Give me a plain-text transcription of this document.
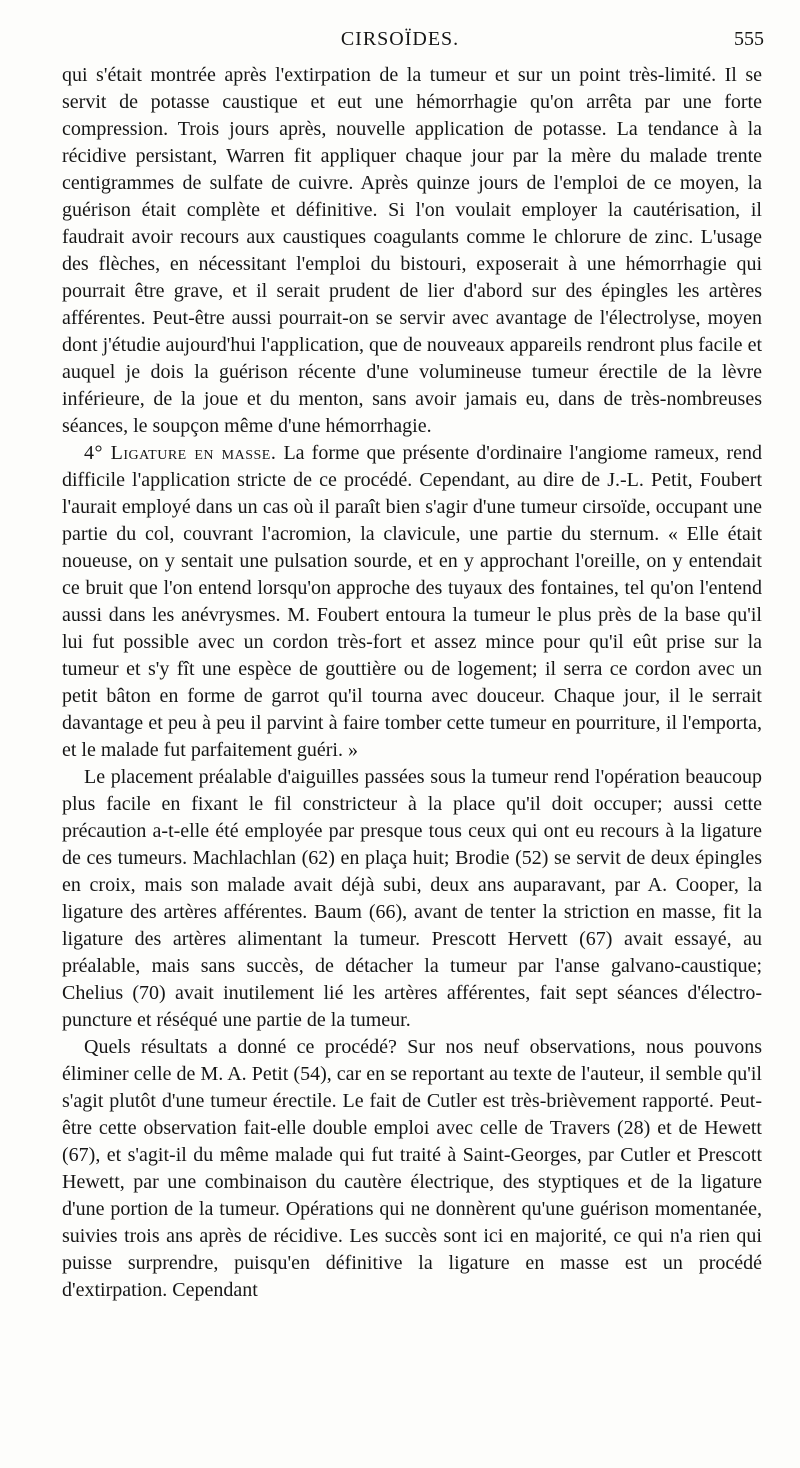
CIRSOÏDES.	555

qui s'était montrée après l'extirpation de la tumeur et sur un point très-limité. Il se servit de potasse caustique et eut une hémorrhagie qu'on arrêta par une forte compression. Trois jours après, nouvelle application de potasse. La tendance à la récidive persistant, Warren fit appliquer chaque jour par la mère du malade trente centigrammes de sulfate de cuivre. Après quinze jours de l'emploi de ce moyen, la guérison était complète et définitive. Si l'on voulait employer la cautérisation, il faudrait avoir recours aux caustiques coagulants comme le chlorure de zinc. L'usage des flèches, en nécessitant l'emploi du bistouri, exposerait à une hémorrhagie qui pourrait être grave, et il serait prudent de lier d'abord sur des épingles les artères afférentes. Peut-être aussi pourrait-on se servir avec avantage de l'électrolyse, moyen dont j'étudie aujourd'hui l'application, que de nouveaux appareils rendront plus facile et auquel je dois la guérison récente d'une volumineuse tumeur érectile de la lèvre inférieure, de la joue et du menton, sans avoir jamais eu, dans de très-nombreuses séances, le soupçon même d'une hémorrhagie.

4° Ligature en masse. La forme que présente d'ordinaire l'angiome rameux, rend difficile l'application stricte de ce procédé. Cependant, au dire de J.-L. Petit, Foubert l'aurait employé dans un cas où il paraît bien s'agir d'une tumeur cirsoïde, occupant une partie du col, couvrant l'acromion, la clavicule, une partie du sternum. « Elle était noueuse, on y sentait une pulsation sourde, et en y approchant l'oreille, on y entendait ce bruit que l'on entend lorsqu'on approche des tuyaux des fontaines, tel qu'on l'entend aussi dans les anévrysmes. M. Foubert entoura la tumeur le plus près de la base qu'il lui fut possible avec un cordon très-fort et assez mince pour qu'il eût prise sur la tumeur et s'y fît une espèce de gouttière ou de logement; il serra ce cordon avec un petit bâton en forme de garrot qu'il tourna avec douceur. Chaque jour, il le serrait davantage et peu à peu il parvint à faire tomber cette tumeur en pourriture, il l'emporta, et le malade fut parfaitement guéri. »

Le placement préalable d'aiguilles passées sous la tumeur rend l'opération beaucoup plus facile en fixant le fil constricteur à la place qu'il doit occuper; aussi cette précaution a-t-elle été employée par presque tous ceux qui ont eu recours à la ligature de ces tumeurs. Machlachlan (62) en plaça huit; Brodie (52) se servit de deux épingles en croix, mais son malade avait déjà subi, deux ans auparavant, par A. Cooper, la ligature des artères afférentes. Baum (66), avant de tenter la striction en masse, fit la ligature des artères alimentant la tumeur. Prescott Hervett (67) avait essayé, au préalable, mais sans succès, de détacher la tumeur par l'anse galvano-caustique; Chelius (70) avait inutilement lié les artères afférentes, fait sept séances d'électro-puncture et réséqué une partie de la tumeur.

Quels résultats a donné ce procédé? Sur nos neuf observations, nous pouvons éliminer celle de M. A. Petit (54), car en se reportant au texte de l'auteur, il semble qu'il s'agit plutôt d'une tumeur érectile. Le fait de Cutler est très-brièvement rapporté. Peut-être cette observation fait-elle double emploi avec celle de Travers (28) et de Hewett (67), et s'agit-il du même malade qui fut traité à Saint-Georges, par Cutler et Prescott Hewett, par une combinaison du cautère électrique, des styptiques et de la ligature d'une portion de la tumeur. Opérations qui ne donnèrent qu'une guérison momentanée, suivies trois ans après de récidive. Les succès sont ici en majorité, ce qui n'a rien qui puisse surprendre, puisqu'en définitive la ligature en masse est un procédé d'extirpation. Cependant
